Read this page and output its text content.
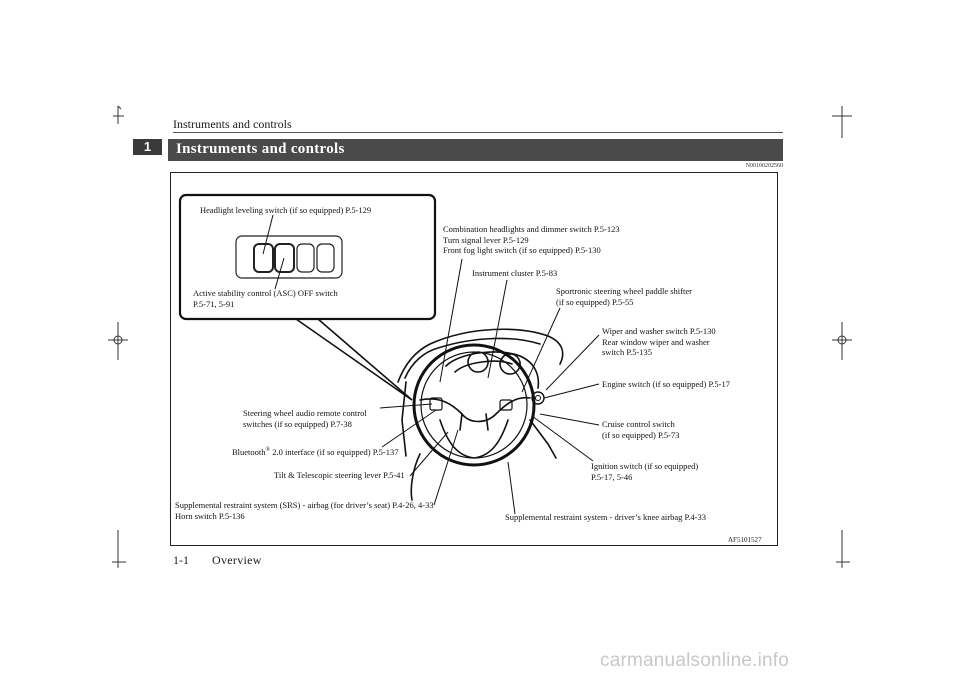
Instruments and controls
1	Instruments and controls
N00100202560
Headlight leveling switch (if so equipped) P.5-129
Active stability control (ASC) OFF switch
P.5-71, 5-91
Combination headlights and dimmer switch P.5-123
Turn signal lever P.5-129
Front fog light switch (if so equipped) P.5-130
Instrument cluster P.5-83
Sportronic steering wheel paddle shifter
(if so equipped) P.5-55
Wiper and washer switch P.5-130
Rear window wiper and washer
switch P.5-135
Engine switch (if so equipped) P.5-17
Steering wheel audio remote control
switches (if so equipped) P.7-38	Cruise control switch
(if so equipped) P.5-73
Bluetooth® 2.0 interface (if so equipped) P.5-137
Tilt & Telescopic steering lever P.5-41
Ignition switch (if so equipped)
P.5-17, 5-46
Supplemental restraint system (SRS) - airbag (for driver’s seat) P.4-26, 4-33
Horn switch P.5-136	Supplemental restraint system - driver’s knee airbag P.4-33
AF5101527
1-1 Overview
carmanualsonline.info
